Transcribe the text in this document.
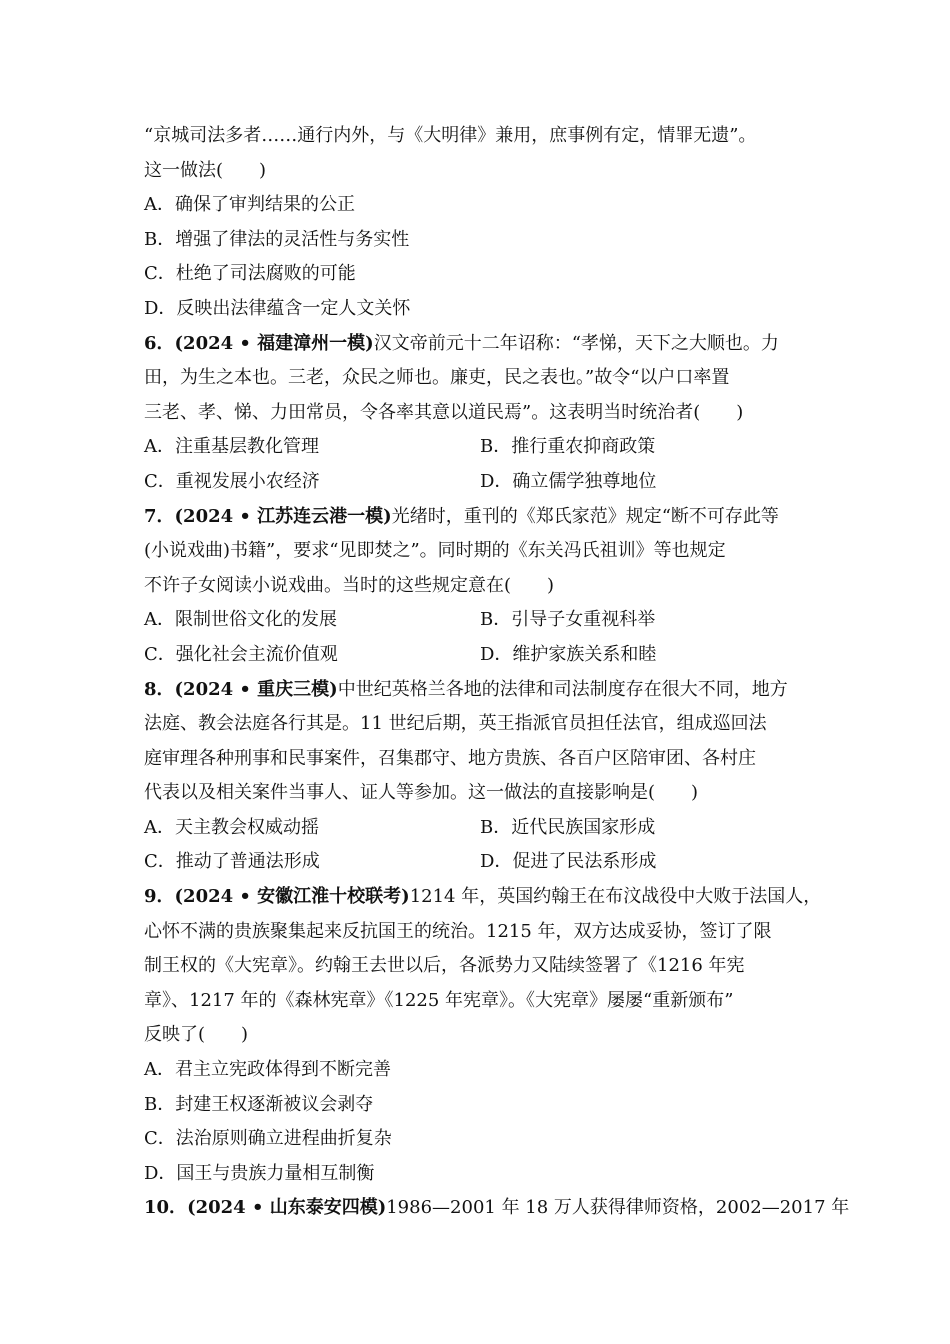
“京城司法多者……通行内外，与《大明律》兼用，庶事例有定，情罪无遗”。
这一做法(　　)
A．确保了审判结果的公正
B．增强了律法的灵活性与务实性
C．杜绝了司法腐败的可能
D．反映出法律蕴含一定人文关怀
6．(2024 • 福建漳州一模)汉文帝前元十二年诏称：“孝悌，天下之大顺也。力
田，为生之本也。三老，众民之师也。廉吏，民之表也。”故令“以户口率置
三老、孝、悌、力田常员，令各率其意以道民焉”。这表明当时统治者(　　)
A．注重基层教化管理	B．推行重农抑商政策
C．重视发展小农经济	D．确立儒学独尊地位
7．(2024 • 江苏连云港一模)光绪时，重刊的《郑氏家范》规定“断不可存此等
(小说戏曲)书籍”，要求“见即焚之”。同时期的《东关冯氏祖训》等也规定
不许子女阅读小说戏曲。当时的这些规定意在(　　)
A．限制世俗文化的发展	B．引导子女重视科举
C．强化社会主流价值观	D．维护家族关系和睦
8．(2024 • 重庆三模)中世纪英格兰各地的法律和司法制度存在很大不同，地方
法庭、教会法庭各行其是。11 世纪后期，英王指派官员担任法官，组成巡回法
庭审理各种刑事和民事案件，召集郡守、地方贵族、各百户区陪审团、各村庄
代表以及相关案件当事人、证人等参加。这一做法的直接影响是(　　)
A．天主教会权威动摇	B．近代民族国家形成
C．推动了普通法形成	D．促进了民法系形成
9．(2024 • 安徽江淮十校联考)1214 年，英国约翰王在布汶战役中大败于法国人，
心怀不满的贵族聚集起来反抗国王的统治。1215 年，双方达成妥协，签订了限
制王权的《大宪章》。约翰王去世以后，各派势力又陆续签署了《1216 年宪
章》、1217 年的《森林宪章》《1225 年宪章》。《大宪章》屡屡“重新颁布”
反映了(　　)
A．君主立宪政体得到不断完善
B．封建王权逐渐被议会剥夺
C．法治原则确立进程曲折复杂
D．国王与贵族力量相互制衡
10．(2024 • 山东泰安四模)1986—2001 年 18 万人获得律师资格，2002—2017 年
